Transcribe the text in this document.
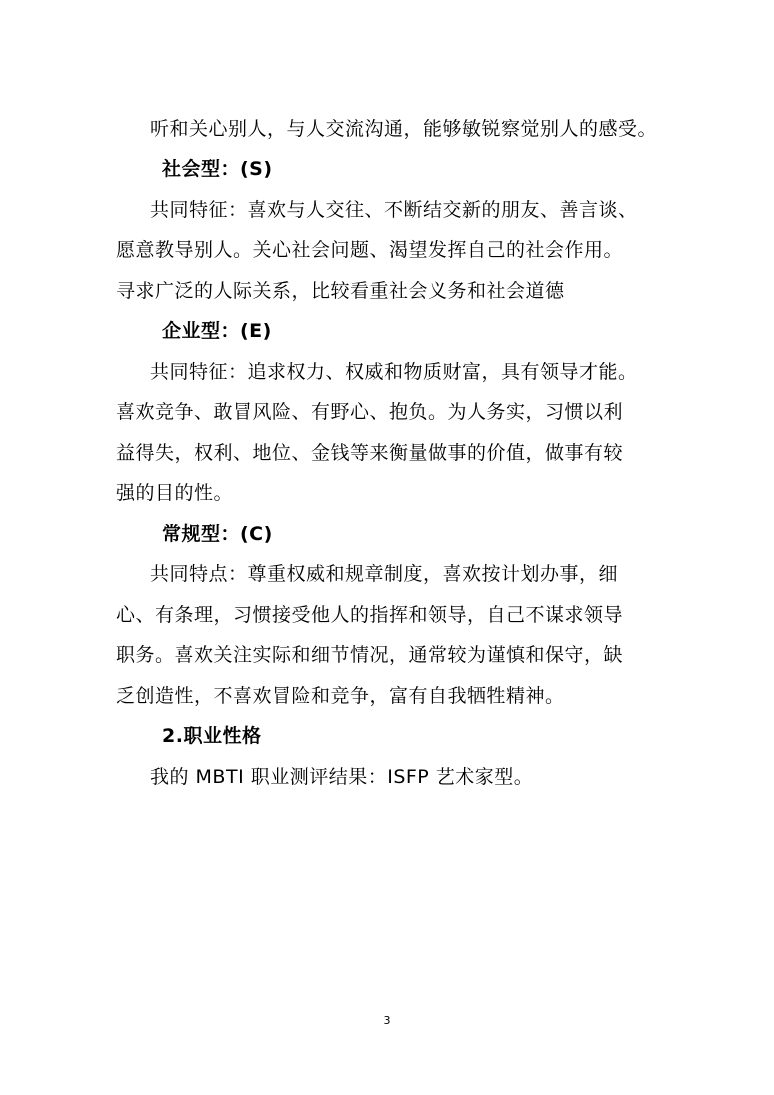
听和关心别人，与人交流沟通，能够敏锐察觉别人的感受。
社会型：(S)
共同特征：喜欢与人交往、不断结交新的朋友、善言谈、
愿意教导别人。关心社会问题、渴望发挥自己的社会作用。
寻求广泛的人际关系，比较看重社会义务和社会道德
企业型：(E)
共同特征：追求权力、权威和物质财富，具有领导才能。
喜欢竞争、敢冒风险、有野心、抱负。为人务实，习惯以利
益得失，权利、地位、金钱等来衡量做事的价值，做事有较
强的目的性。
常规型：(C)
共同特点：尊重权威和规章制度，喜欢按计划办事，细
心、有条理，习惯接受他人的指挥和领导，自己不谋求领导
职务。喜欢关注实际和细节情况，通常较为谨慎和保守，缺
乏创造性，不喜欢冒险和竞争，富有自我牺牲精神。
2.职业性格
我的 MBTI 职业测评结果：ISFP 艺术家型。
3
